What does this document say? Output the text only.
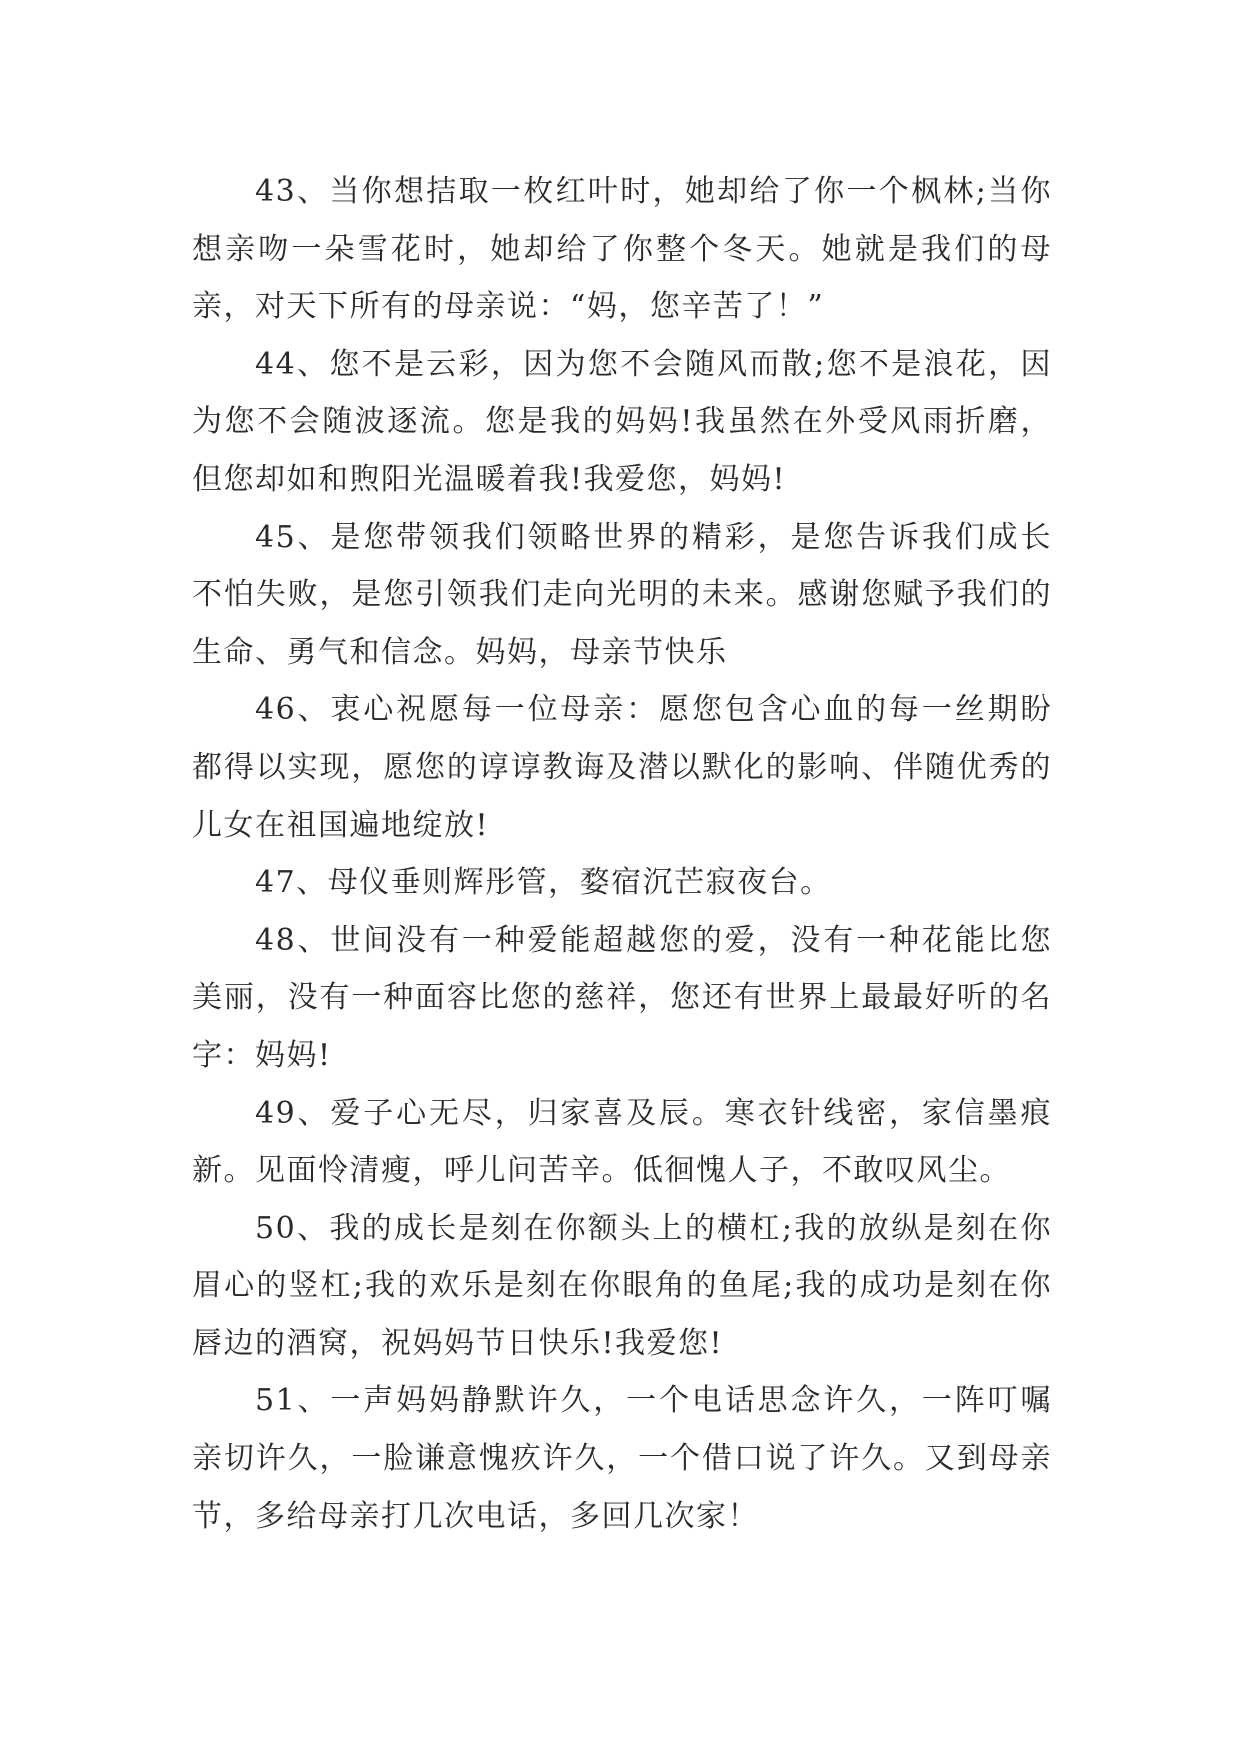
43、当你想拮取一枚红叶时，她却给了你一个枫林;当你想亲吻一朵雪花时，她却给了你整个冬天。她就是我们的母亲，对天下所有的母亲说：“妈，您辛苦了！”

44、您不是云彩，因为您不会随风而散;您不是浪花，因为您不会随波逐流。您是我的妈妈!我虽然在外受风雨折磨，但您却如和煦阳光温暖着我!我爱您，妈妈!

45、是您带领我们领略世界的精彩，是您告诉我们成长不怕失败，是您引领我们走向光明的未来。感谢您赋予我们的生命、勇气和信念。妈妈，母亲节快乐

46、衷心祝愿每一位母亲：愿您包含心血的每一丝期盼都得以实现，愿您的谆谆教诲及潜以默化的影响、伴随优秀的儿女在祖国遍地绽放!

47、母仪垂则辉彤管，婺宿沉芒寂夜台。

48、世间没有一种爱能超越您的爱，没有一种花能比您美丽，没有一种面容比您的慈祥，您还有世界上最最好听的名字：妈妈!

49、爱子心无尽，归家喜及辰。寒衣针线密，家信墨痕新。见面怜清瘦，呼儿问苦辛。低徊愧人子，不敢叹风尘。

50、我的成长是刻在你额头上的横杠;我的放纵是刻在你眉心的竖杠;我的欢乐是刻在你眼角的鱼尾;我的成功是刻在你唇边的酒窝，祝妈妈节日快乐!我爱您!

51、一声妈妈静默许久，一个电话思念许久，一阵叮嘱亲切许久，一脸谦意愧疚许久，一个借口说了许久。又到母亲节，多给母亲打几次电话，多回几次家！
